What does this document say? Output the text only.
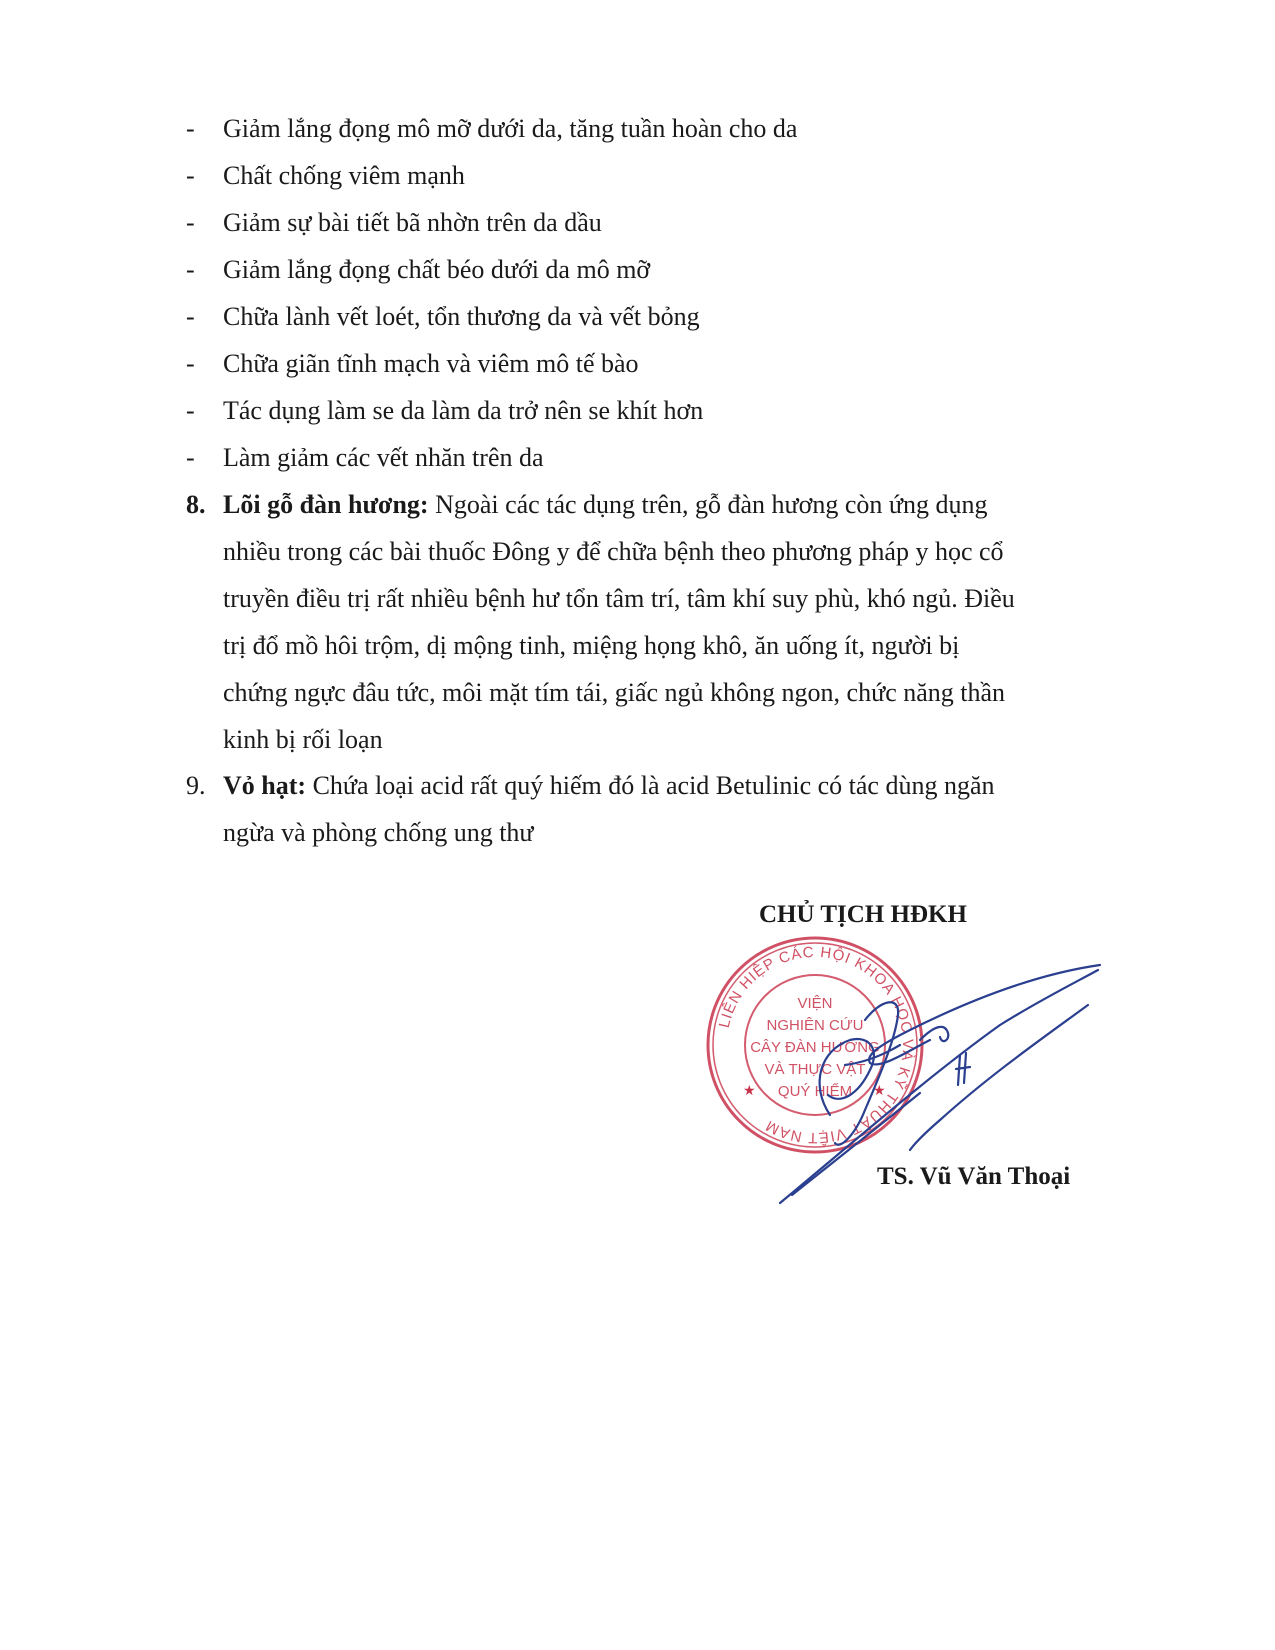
- Giảm lắng đọng mô mỡ dưới da, tăng tuần hoàn cho da
- Chất chống viêm mạnh
- Giảm sự bài tiết bã nhờn trên da dầu
- Giảm lắng đọng chất béo dưới da mô mỡ
- Chữa lành vết loét, tổn thương da và vết bỏng
- Chữa giãn tĩnh mạch và viêm mô tế bào
- Tác dụng làm se da làm da trở nên se khít hơn
- Làm giảm các vết nhăn trên da
8. Lõi gỗ đàn hương: Ngoài các tác dụng trên, gỗ đàn hương còn ứng dụng
nhiều trong các bài thuốc Đông y để chữa bệnh theo phương pháp y học cổ
truyền điều trị rất nhiều bệnh hư tổn tâm trí, tâm khí suy phù, khó ngủ. Điều
trị đổ mồ hôi trộm, dị mộng tinh, miệng họng khô, ăn uống ít, người bị
chứng ngực đâu tức, môi mặt tím tái, giấc ngủ không ngon, chức năng thần
kinh bị rối loạn
9. Vỏ hạt: Chứa loại acid rất quý hiếm đó là acid Betulinic có tác dùng ngăn
ngừa và phòng chống ung thư
CHỦ TỊCH HĐKH
LIÊN HIỆP CÁC HỘI KHOA HỌC VÀ KỸ THUẬT VIỆT NAM
★	★
VIỆN
NGHIÊN CỨU
CÂY ĐÀN HƯƠNG
VÀ THỰC VẬT
QUÝ HIẾM
TS. Vũ Văn Thoại
